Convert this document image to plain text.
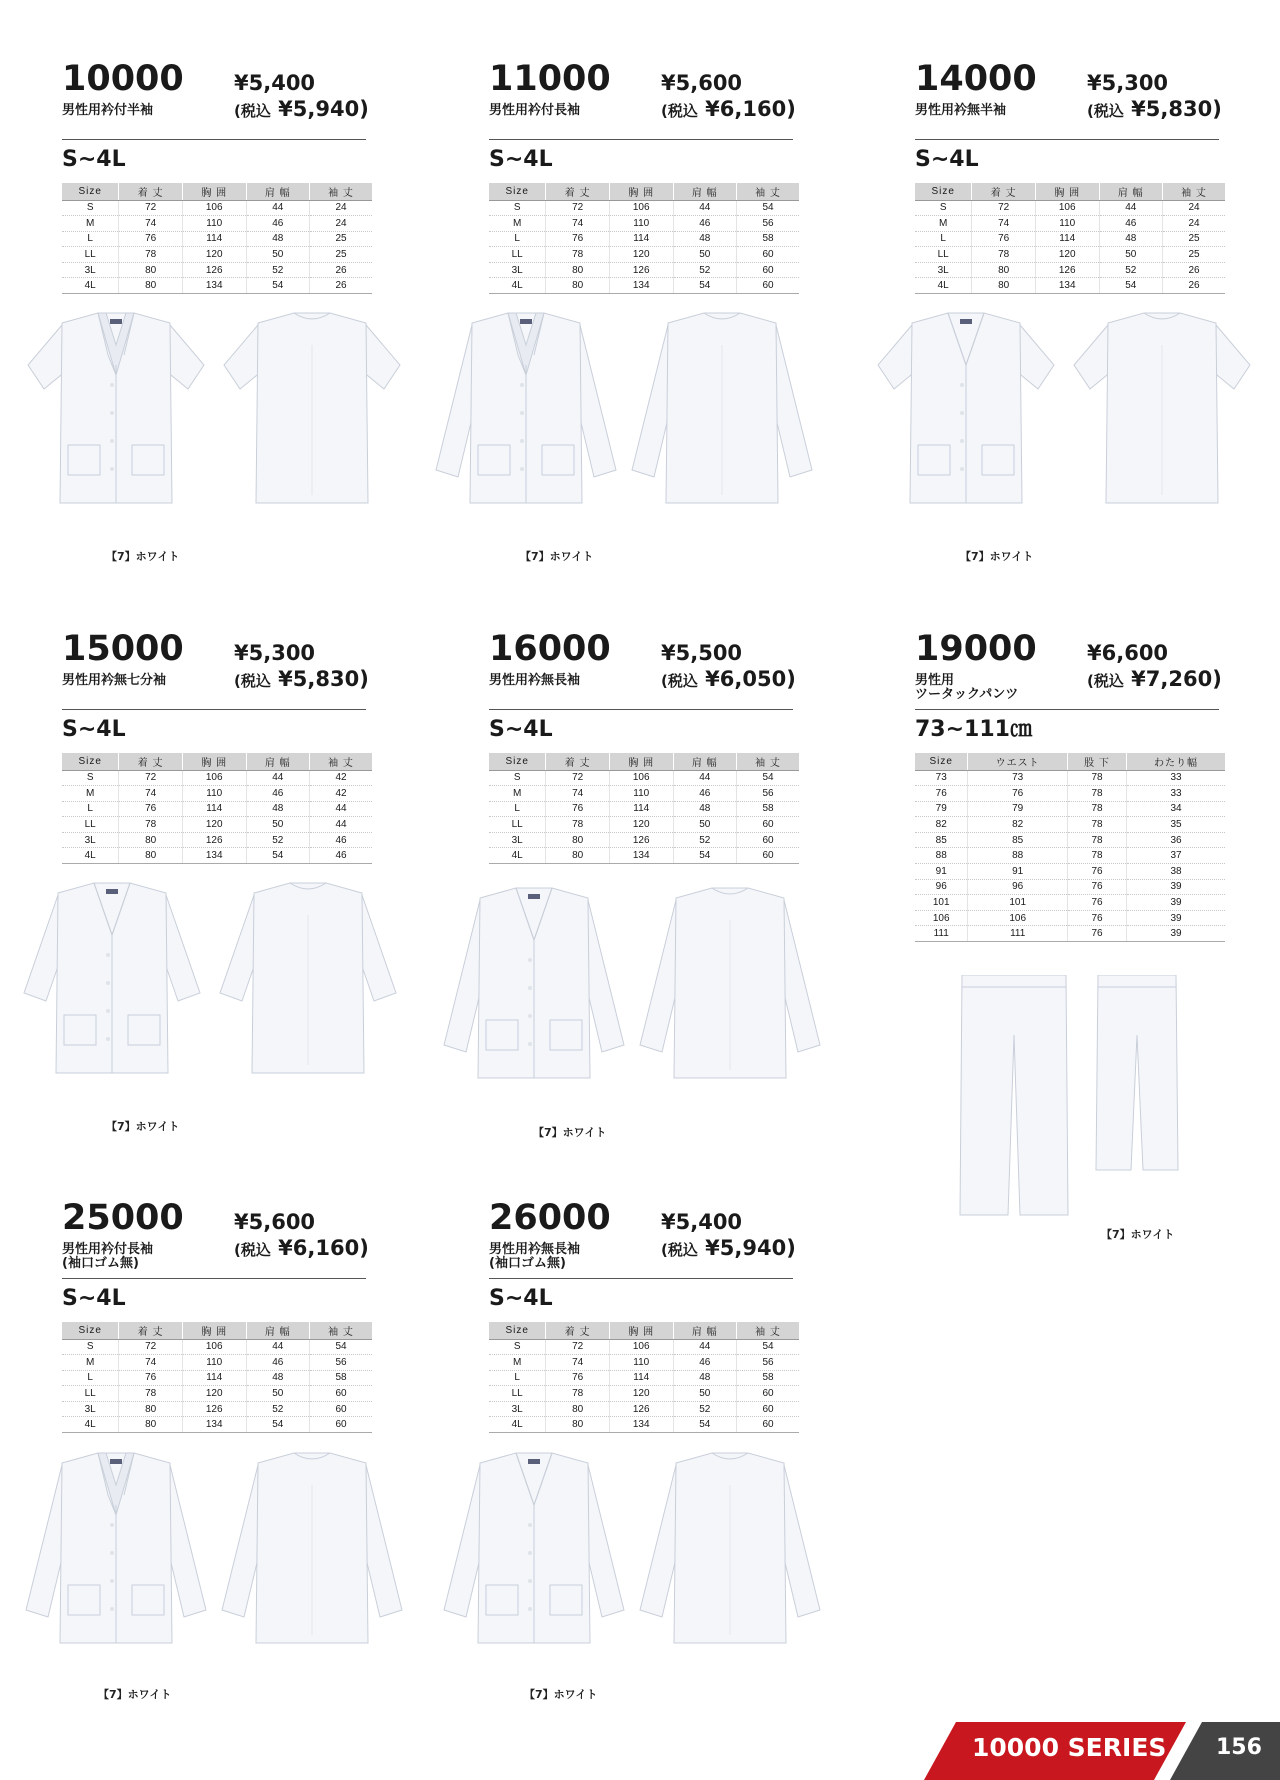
10000
男性用衿付半袖
¥5,400
(税込 ¥5,940)
S~4L
Size	着 丈	胸 囲	肩 幅	袖 丈
S	72	106	44	24
M	74	110	46	24
L	76	114	48	25
LL	78	120	50	25
3L	80	126	52	26
4L	80	134	54	26
11000
男性用衿付長袖
¥5,600
(税込 ¥6,160)
S~4L
Size	着 丈	胸 囲	肩 幅	袖 丈
S	72	106	44	54
M	74	110	46	56
L	76	114	48	58
LL	78	120	50	60
3L	80	126	52	60
4L	80	134	54	60
14000
男性用衿無半袖
¥5,300
(税込 ¥5,830)
S~4L
Size	着 丈	胸 囲	肩 幅	袖 丈
S	72	106	44	24
M	74	110	46	24
L	76	114	48	25
LL	78	120	50	25
3L	80	126	52	26
4L	80	134	54	26
15000
男性用衿無七分袖
¥5,300
(税込 ¥5,830)
S~4L
Size	着 丈	胸 囲	肩 幅	袖 丈
S	72	106	44	42
M	74	110	46	42
L	76	114	48	44
LL	78	120	50	44
3L	80	126	52	46
4L	80	134	54	46
16000
男性用衿無長袖
¥5,500
(税込 ¥6,050)
S~4L
Size	着 丈	胸 囲	肩 幅	袖 丈
S	72	106	44	54
M	74	110	46	56
L	76	114	48	58
LL	78	120	50	60
3L	80	126	52	60
4L	80	134	54	60
19000
男性用
ツータックパンツ
¥6,600
(税込 ¥7,260)
73~111㎝
Size	ウエスト	股 下	わたり幅
73	73	78	33
76	76	78	33
79	79	78	34
82	82	78	35
85	85	78	36
88	88	78	37
91	91	76	38
96	96	76	39
101	101	76	39
106	106	76	39
111	111	76	39
25000
男性用衿付長袖
(袖口ゴム無)
¥5,600
(税込 ¥6,160)
S~4L
Size	着 丈	胸 囲	肩 幅	袖 丈
S	72	106	44	54
M	74	110	46	56
L	76	114	48	58
LL	78	120	50	60
3L	80	126	52	60
4L	80	134	54	60
26000
男性用衿無長袖
(袖口ゴム無)
¥5,400
(税込 ¥5,940)
S~4L
Size	着 丈	胸 囲	肩 幅	袖 丈
S	72	106	44	54
M	74	110	46	56
L	76	114	48	58
LL	78	120	50	60
3L	80	126	52	60
4L	80	134	54	60
10000 SERIES 156
【7】ホワイト	【7】ホワイト	【7】ホワイト
【7】ホワイト	【7】ホワイト
【7】ホワイト
【7】ホワイト	【7】ホワイト
